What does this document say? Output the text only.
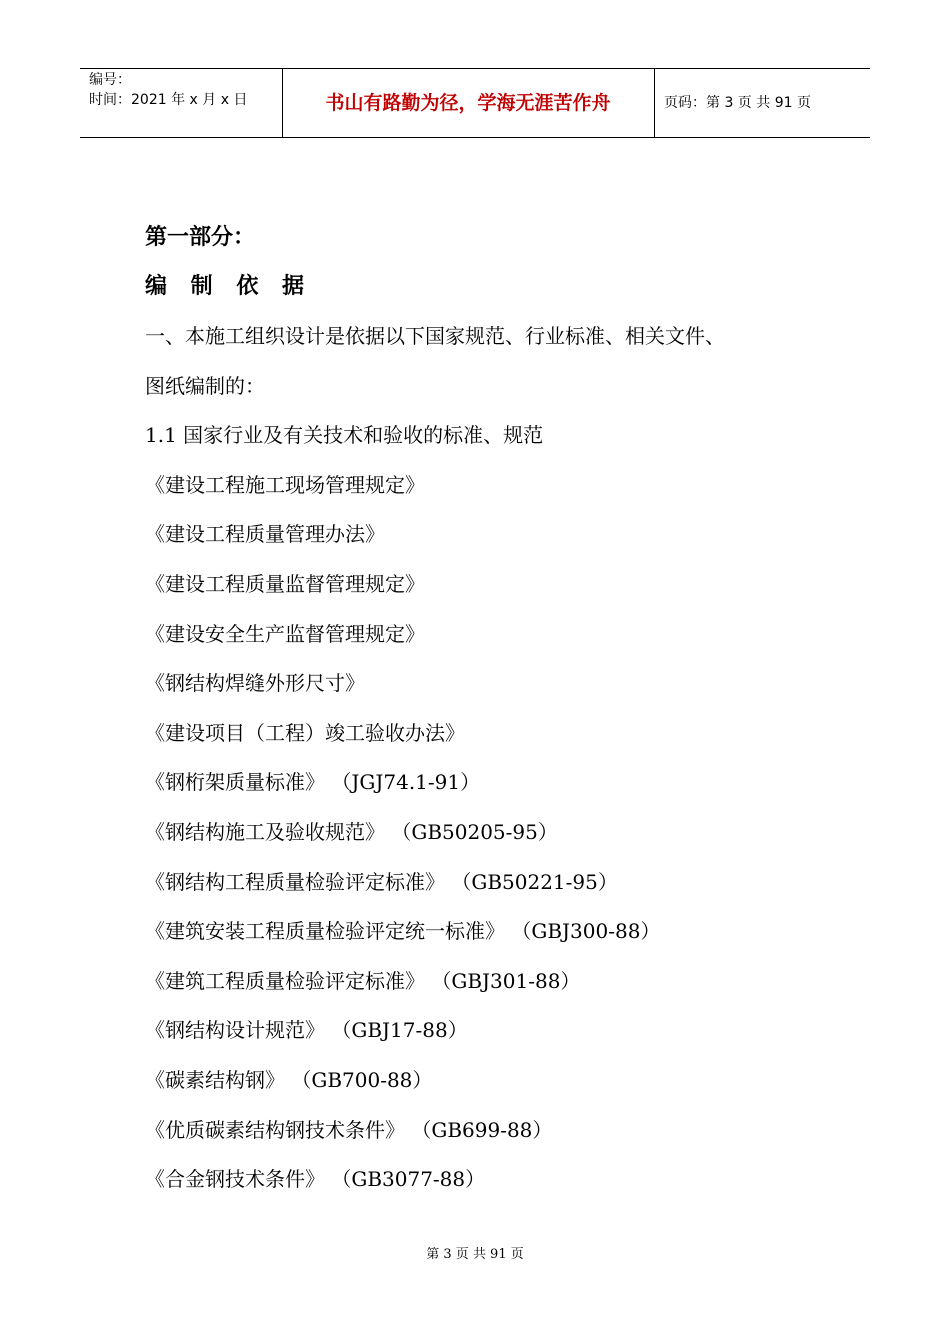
编号：
时间：2021 年 x 月 x 日	书山有路勤为径，学海无涯苦作舟	页码：第 3 页 共 91 页
第一部分：
编 制 依 据
一、本施工组织设计是依据以下国家规范、行业标准、相关文件、
图纸编制的：
1.1 国家行业及有关技术和验收的标准、规范
《建设工程施工现场管理规定》
《建设工程质量管理办法》
《建设工程质量监督管理规定》
《建设安全生产监督管理规定》
《钢结构焊缝外形尺寸》
《建设项目（工程）竣工验收办法》
《钢桁架质量标准》 （JGJ74.1-91）
《钢结构施工及验收规范》 （GB50205-95）
《钢结构工程质量检验评定标准》 （GB50221-95）
《建筑安装工程质量检验评定统一标准》 （GBJ300-88）
《建筑工程质量检验评定标准》 （GBJ301-88）
《钢结构设计规范》 （GBJ17-88）
《碳素结构钢》 （GB700-88）
《优质碳素结构钢技术条件》 （GB699-88）
《合金钢技术条件》 （GB3077-88）
第 3 页 共 91 页
